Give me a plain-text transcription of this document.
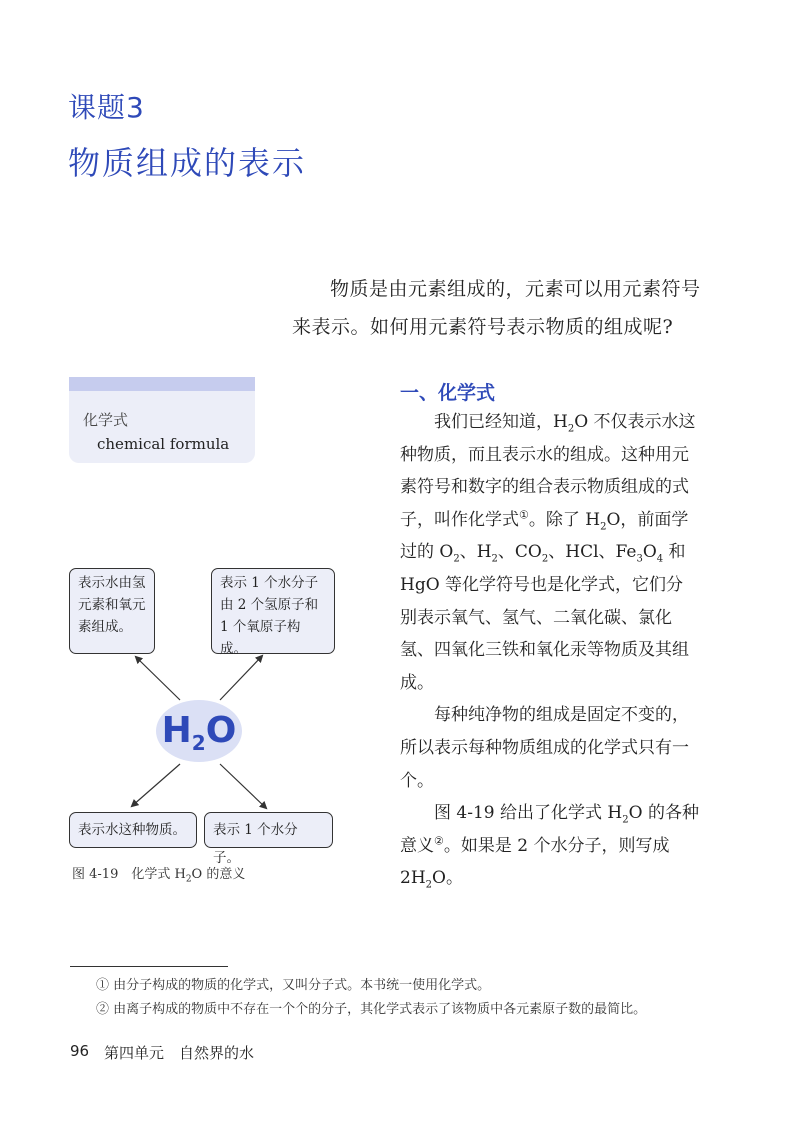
课题3
物质组成的表示
物质是由元素组成的，元素可以用元素符号来表示。如何用元素符号表示物质的组成呢?
化学式
chemical formula
一、化学式

我们已经知道，$H_2O$ 不仅表示水这种物质，而且表示水的组成。这种用元素符号和数字的组合表示物质组成的式子，叫作化学式①。除了 $H_2O$，前面学过的 $O_2$、$H_2$、$CO_2$、HCl、$Fe_3O_4$ 和 HgO 等化学符号也是化学式，它们分别表示氧气、氢气、二氧化碳、氯化氢、四氧化三铁和氧化汞等物质及其组成。

每种纯净物的组成是固定不变的，所以表示每种物质组成的化学式只有一个。

图 4-19 给出了化学式 $H_2O$ 的各种意义②。如果是 2 个水分子，则写成 $2H_2O$。

表示水由氢元素和氧元素组成。
表示 1 个水分子由 2 个氢原子和 1 个氧原子构成。
表示水这种物质。	表示 1 个水分子。
$H_2O$
图 4-19　化学式 $H_2O$ 的意义
① 由分子构成的物质的化学式，又叫分子式。本书统一使用化学式。
② 由离子构成的物质中不存在一个个的分子，其化学式表示了该物质中各元素原子数的最简比。
96 第四单元　自然界的水
